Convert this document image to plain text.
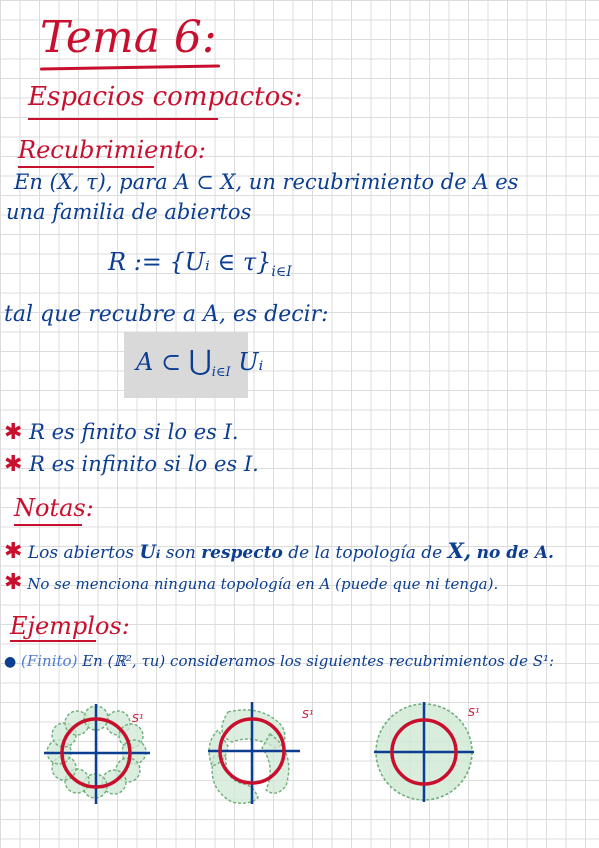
Tema 6:
Espacios compactos:
Recubrimiento:
En (X, τ), para A ⊂ X, un recubrimiento de A es
una familia de abiertos
R := {Uᵢ ∈ $\tau\}_{i\in I}$
tal que recubre a A, es decir:
A ⊂ $⋃_{i\in I}$ Uᵢ
✱ R es finito si lo es I.
✱ R es infinito si lo es I.
Notas:
✱ Los abiertos Uᵢ son respecto de la topología de X, no de A.
✱ No se menciona ninguna topología en A (puede que ni tenga).
Ejemplos:
● (Finito) En (ℝ², τu) consideramos los siguientes recubrimientos de S¹:
S¹	S¹	S¹
